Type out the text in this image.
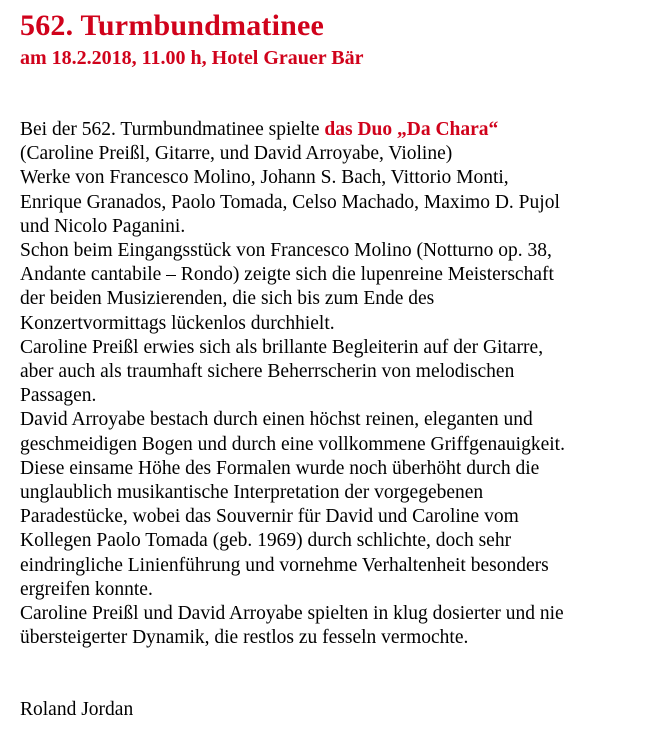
562. Turmbundmatinee
am 18.2.2018, 11.00 h, Hotel Grauer Bär
Bei der 562. Turmbundmatinee spielte das Duo „Da Chara“
(Caroline Preißl, Gitarre, und David Arroyabe, Violine)
Werke von Francesco Molino, Johann S. Bach, Vittorio Monti,
Enrique Granados, Paolo Tomada, Celso Machado, Maximo D. Pujol
und Nicolo Paganini.
Schon beim Eingangsstück von Francesco Molino (Notturno op. 38,
Andante cantabile – Rondo) zeigte sich die lupenreine Meisterschaft
der beiden Musizierenden, die sich bis zum Ende des
Konzertvormittags lückenlos durchhielt.
Caroline Preißl erwies sich als brillante Begleiterin auf der Gitarre,
aber auch als traumhaft sichere Beherrscherin von melodischen
Passagen.
David Arroyabe bestach durch einen höchst reinen, eleganten und
geschmeidigen Bogen und durch eine vollkommene Griffgenauigkeit.
Diese einsame Höhe des Formalen wurde noch überhöht durch die
unglaublich musikantische Interpretation der vorgegebenen
Paradestücke, wobei das Souvernir für David und Caroline vom
Kollegen Paolo Tomada (geb. 1969) durch schlichte, doch sehr
eindringliche Linienführung und vornehme Verhaltenheit besonders
ergreifen konnte.
Caroline Preißl und David Arroyabe spielten in klug dosierter und nie
übersteigerter Dynamik, die restlos zu fesseln vermochte.
Roland Jordan
